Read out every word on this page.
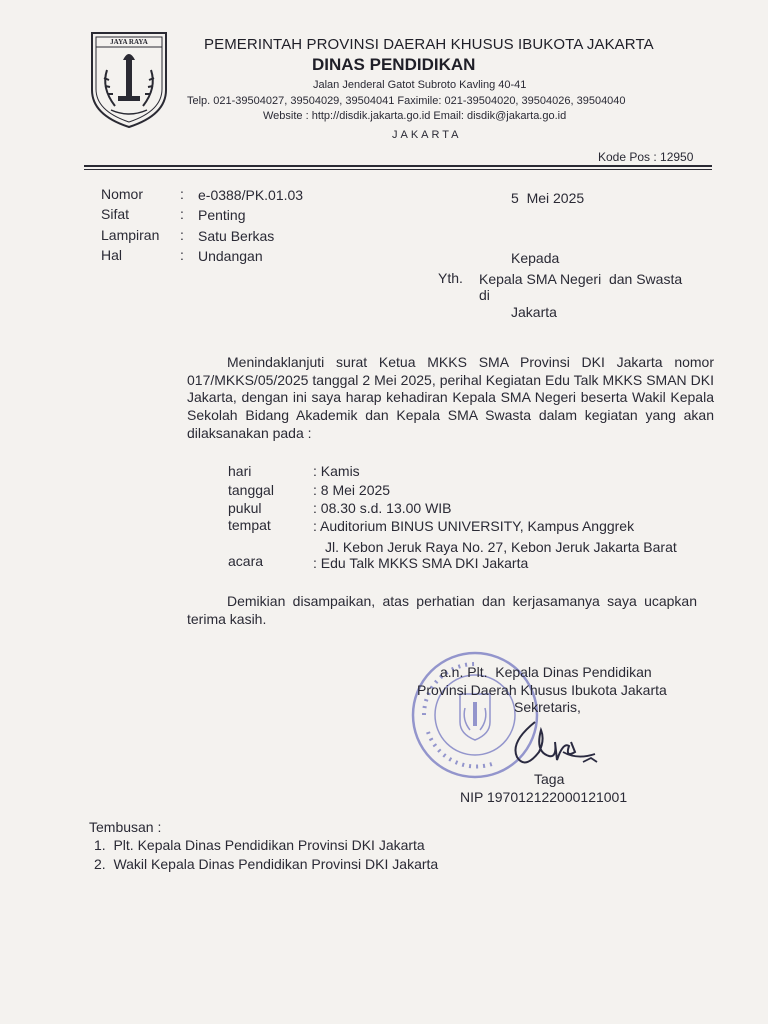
JAYA RAYA	PEMERINTAH PROVINSI DAERAH KHUSUS IBUKOTA JAKARTA
DINAS PENDIDIKAN
Jalan Jenderal Gatot Subroto Kavling 40-41
Telp. 021-39504027, 39504029, 39504041 Faximile: 021-39504020, 39504026, 39504040
Website : http://disdik.jakarta.go.id Email: disdik@jakarta.go.id
JAKARTA
Kode Pos : 12950
Nomor	: e-0388/PK.01.03
Sifat	: Penting
Lampiran : Satu Berkas
Hal	: Undangan
5  Mei 2025
Kepada
Yth. Kepala SMA Negeri  dan Swasta
di
Jakarta
Menindaklanjuti surat Ketua MKKS SMA Provinsi DKI Jakarta nomor 017/MKKS/05/2025 tanggal 2 Mei 2025, perihal Kegiatan Edu Talk MKKS SMAN DKI Jakarta, dengan ini saya harap kehadiran Kepala SMA Negeri beserta Wakil Kepala Sekolah Bidang Akademik dan Kepala SMA Swasta dalam kegiatan yang akan dilaksanakan pada :
hari	: Kamis
tanggal	: 8 Mei 2025
pukul	: 08.30 s.d. 13.00 WIB
tempat	: Auditorium BINUS UNIVERSITY, Kampus Anggrek
Jl. Kebon Jeruk Raya No. 27, Kebon Jeruk Jakarta Barat
acara	: Edu Talk MKKS SMA DKI Jakarta
Demikian disampaikan, atas perhatian dan kerjasamanya saya ucapkan terima kasih.
a.n. Plt.  Kepala Dinas Pendidikan
Provinsi Daerah Khusus Ibukota Jakarta
Sekretaris,
Taga
NIP 197012122000121001
Tembusan :
1.  Plt. Kepala Dinas Pendidikan Provinsi DKI Jakarta
2.  Wakil Kepala Dinas Pendidikan Provinsi DKI Jakarta
